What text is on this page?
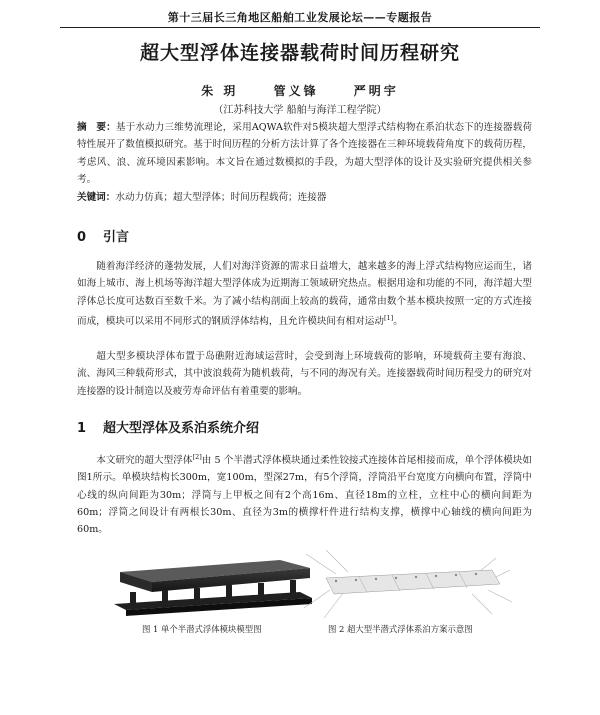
第十三届长三角地区船舶工业发展论坛——专题报告
超大型浮体连接器载荷时间历程研究
朱 玥	管义锋	严明宇
（江苏科技大学 船舶与海洋工程学院）
摘　要：基于水动力三维势流理论，采用AQWA软件对5模块超大型浮式结构物在系泊状态下的连接器载荷特性展开了数值模拟研究。基于时间历程的分析方法计算了各个连接器在三种环境载荷角度下的载荷历程，考虑风、浪、流环境因素影响。本文旨在通过数模拟的手段，为超大型浮体的设计及实验研究提供相关参考。
关键词：水动力仿真；超大型浮体；时间历程载荷；连接器
0 引言
随着海洋经济的蓬勃发展，人们对海洋资源的需求日益增大，越来越多的海上浮式结构物应运而生，诸如海上城市、海上机场等海洋超大型浮体成为近期海工领域研究热点。根据用途和功能的不同，海洋超大型浮体总长度可达数百至数千米。为了减小结构剖面上较高的载荷，通常由数个基本模块按照一定的方式连接而成，模块可以采用不同形式的钢质浮体结构，且允许模块间有相对运动[1]。
超大型多模块浮体布置于岛礁附近海域运营时，会受到海上环境载荷的影响，环境载荷主要有海浪、流、海风三种载荷形式，其中波浪载荷为随机载荷，与不同的海况有关。连接器载荷时间历程受力的研究对连接器的设计制造以及疲劳寿命评估有着重要的影响。
1 超大型浮体及系泊系统介绍
本文研究的超大型浮体[2]由 5 个半潜式浮体模块通过柔性铰接式连接体首尾相接而成，单个浮体模块如图1所示。单模块结构长300m，宽100m，型深27m，有5个浮筒，浮筒沿平台宽度方向横向布置，浮筒中心线的纵向间距为30m；浮筒与上甲板之间有2个高16m、直径18m的立柱，立柱中心的横向间距为60m；浮筒之间设计有两根长30m、直径为3m的横撑杆件进行结构支撑，横撑中心轴线的横向间距为60m。
图 1 单个半潜式浮体模块模型图	图 2 超大型半潜式浮体系泊方案示意图
